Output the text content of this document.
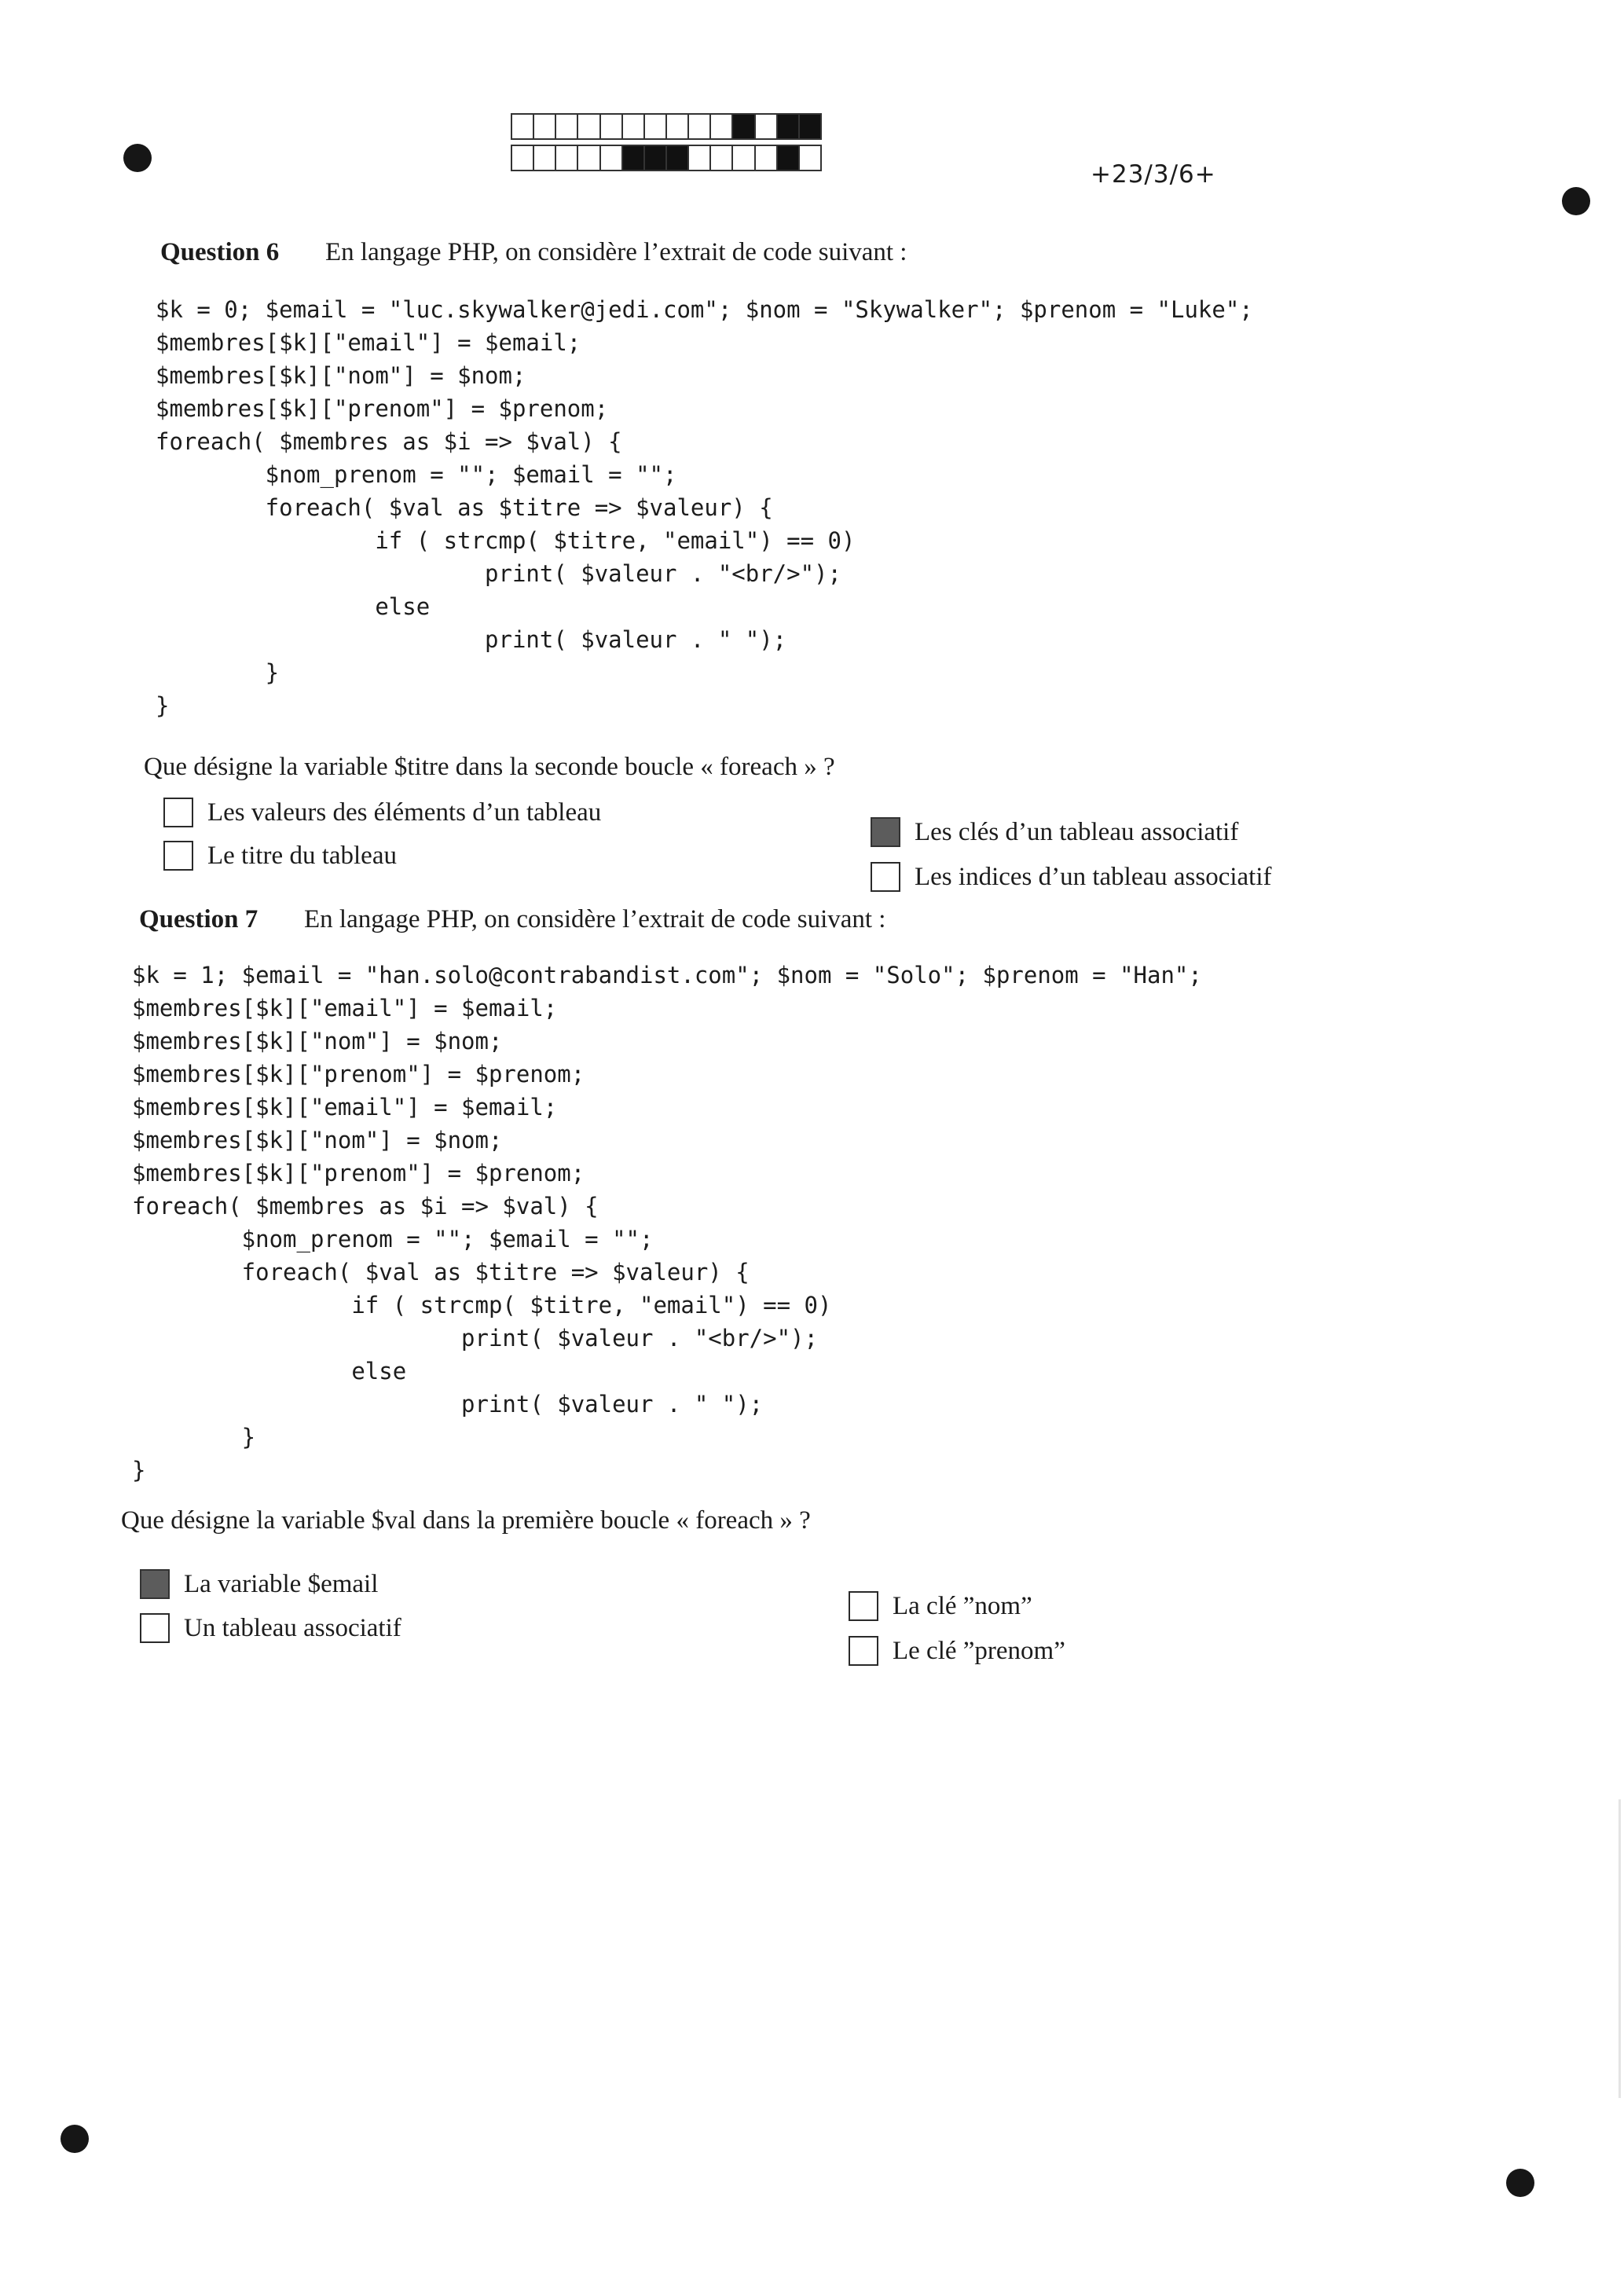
+23/3/6+
Question 6 En langage PHP, on considère l’extrait de code suivant :
$k = 0; $email = "luc.skywalker@jedi.com"; $nom = "Skywalker"; $prenom = "Luke";
$membres[$k]["email"] = $email;
$membres[$k]["nom"] = $nom;
$membres[$k]["prenom"] = $prenom;
foreach( $membres as $i => $val) {
$nom_prenom = ""; $email = "";
foreach( $val as $titre => $valeur) {
if ( strcmp( $titre, "email") == 0)
print( $valeur . "<br/>");
else
print( $valeur . " ");
}
}
Que désigne la variable $titre dans la seconde boucle « foreach » ?
Les valeurs des éléments d’un tableau
Le titre du tableau
Les clés d’un tableau associatif
Les indices d’un tableau associatif
Question 7 En langage PHP, on considère l’extrait de code suivant :
$k = 1; $email = "han.solo@contrabandist.com"; $nom = "Solo"; $prenom = "Han";
$membres[$k]["email"] = $email;
$membres[$k]["nom"] = $nom;
$membres[$k]["prenom"] = $prenom;
$membres[$k]["email"] = $email;
$membres[$k]["nom"] = $nom;
$membres[$k]["prenom"] = $prenom;
foreach( $membres as $i => $val) {
$nom_prenom = ""; $email = "";
foreach( $val as $titre => $valeur) {
if ( strcmp( $titre, "email") == 0)
print( $valeur . "<br/>");
else
print( $valeur . " ");
}
}
Que désigne la variable $val dans la première boucle « foreach » ?
La variable $email
Un tableau associatif
La clé ”nom”
Le clé ”prenom”
